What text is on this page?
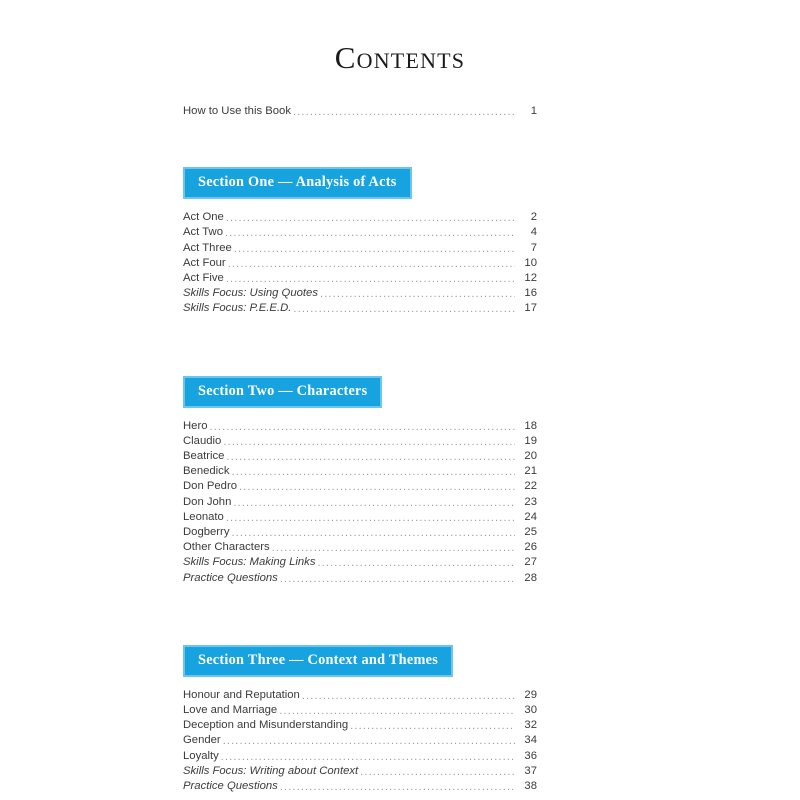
Contents
How to Use this Book .....	1
Section One — Analysis of Acts
Act One .....	2
Act Two .....	4
Act Three .....	7
Act Four .....	10
Act Five .....	12
Skills Focus: Using Quotes .....	16
Skills Focus: P.E.E.D. .....	17
Section Two — Characters
Hero .....	18
Claudio .....	19
Beatrice .....	20
Benedick .....	21
Don Pedro .....	22
Don John .....	23
Leonato .....	24
Dogberry .....	25
Other Characters .....	26
Skills Focus: Making Links .....	27
Practice Questions .....	28
Section Three — Context and Themes
Honour and Reputation .....	29
Love and Marriage .....	30
Deception and Misunderstanding .....	32
Gender .....	34
Loyalty .....	36
Skills Focus: Writing about Context .....	37
Practice Questions .....	38
